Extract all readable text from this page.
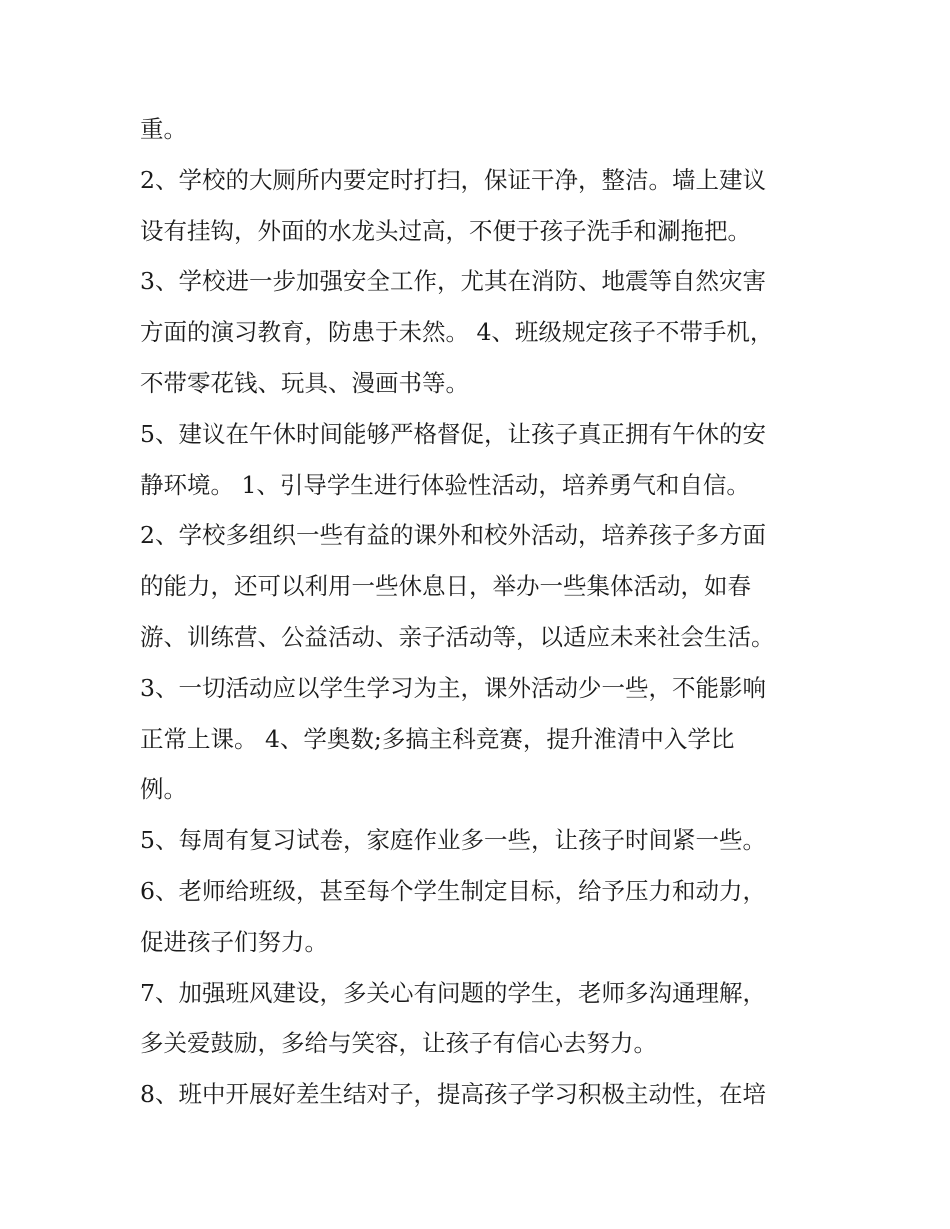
重。
2、学校的大厕所内要定时打扫，保证干净，整洁。墙上建议
设有挂钩，外面的水龙头过高，不便于孩子洗手和涮拖把。
3、学校进一步加强安全工作，尤其在消防、地震等自然灾害
方面的演习教育，防患于未然。 4、班级规定孩子不带手机，
不带零花钱、玩具、漫画书等。
5、建议在午休时间能够严格督促，让孩子真正拥有午休的安
静环境。 1、引导学生进行体验性活动，培养勇气和自信。
2、学校多组织一些有益的课外和校外活动，培养孩子多方面
的能力，还可以利用一些休息日，举办一些集体活动，如春
游、训练营、公益活动、亲子活动等，以适应未来社会生活。
3、一切活动应以学生学习为主，课外活动少一些，不能影响
正常上课。 4、学奥数;多搞主科竞赛，提升淮清中入学比
例。
5、每周有复习试卷，家庭作业多一些，让孩子时间紧一些。
6、老师给班级，甚至每个学生制定目标，给予压力和动力，
促进孩子们努力。
7、加强班风建设，多关心有问题的学生，老师多沟通理解，
多关爱鼓励，多给与笑容，让孩子有信心去努力。
8、班中开展好差生结对子，提高孩子学习积极主动性，在培
